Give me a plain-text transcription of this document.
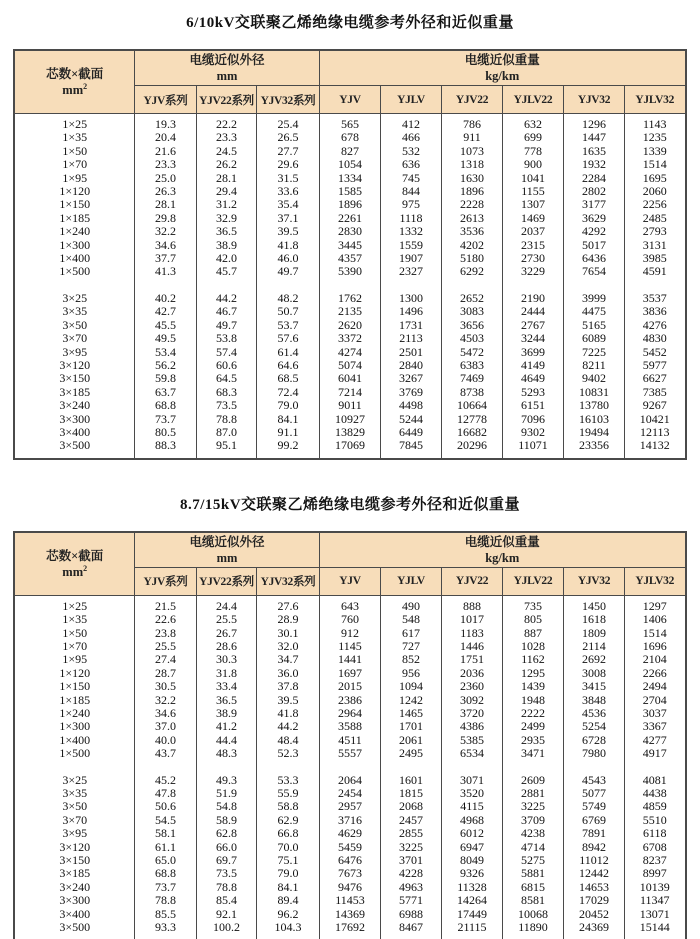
6/10kV交联聚乙烯绝缘电缆参考外径和近似重量
芯数×截面
$mm^2$

电缆近似外径
mm

电缆近似重量
kg/km

	YJV系列	YJV22系列	YJV32系列	YJV	YJLV	YJV22	YJLV22	YJV32	YJLV32
1×25	19.3	22.2	25.4	565	412	786	632	1296	1143
1×35	20.4	23.3	26.5	678	466	911	699	1447	1235
1×50	21.6	24.5	27.7	827	532	1073	778	1635	1339
1×70	23.3	26.2	29.6	1054	636	1318	900	1932	1514
1×95	25.0	28.1	31.5	1334	745	1630	1041	2284	1695
1×120	26.3	29.4	33.6	1585	844	1896	1155	2802	2060
1×150	28.1	31.2	35.4	1896	975	2228	1307	3177	2256
1×185	29.8	32.9	37.1	2261	1118	2613	1469	3629	2485
1×240	32.2	36.5	39.5	2830	1332	3536	2037	4292	2793
1×300	34.6	38.9	41.8	3445	1559	4202	2315	5017	3131
1×400	37.7	42.0	46.0	4357	1907	5180	2730	6436	3985
1×500	41.3	45.7	49.7	5390	2327	6292	3229	7654	4591

3×25	40.2	44.2	48.2	1762	1300	2652	2190	3999	3537
3×35	42.7	46.7	50.7	2135	1496	3083	2444	4475	3836
3×50	45.5	49.7	53.7	2620	1731	3656	2767	5165	4276
3×70	49.5	53.8	57.6	3372	2113	4503	3244	6089	4830
3×95	53.4	57.4	61.4	4274	2501	5472	3699	7225	5452
3×120	56.2	60.6	64.6	5074	2840	6383	4149	8211	5977
3×150	59.8	64.5	68.5	6041	3267	7469	4649	9402	6627
3×185	63.7	68.3	72.4	7214	3769	8738	5293	10831	7385
3×240	68.8	73.5	79.0	9011	4498	10664	6151	13780	9267
3×300	73.7	78.8	84.1	10927	5244	12778	7096	16103	10421
3×400	80.5	87.0	91.1	13829	6449	16682	9302	19494	12113
3×500	88.3	95.1	99.2	17069	7845	20296	11071	23356	14132
8.7/15kV交联聚乙烯绝缘电缆参考外径和近似重量
芯数×截面
$mm^2$

电缆近似外径
mm

电缆近似重量
kg/km

	YJV系列	YJV22系列	YJV32系列	YJV	YJLV	YJV22	YJLV22	YJV32	YJLV32
1×25	21.5	24.4	27.6	643	490	888	735	1450	1297
1×35	22.6	25.5	28.9	760	548	1017	805	1618	1406
1×50	23.8	26.7	30.1	912	617	1183	887	1809	1514
1×70	25.5	28.6	32.0	1145	727	1446	1028	2114	1696
1×95	27.4	30.3	34.7	1441	852	1751	1162	2692	2104
1×120	28.7	31.8	36.0	1697	956	2036	1295	3008	2266
1×150	30.5	33.4	37.8	2015	1094	2360	1439	3415	2494
1×185	32.2	36.5	39.5	2386	1242	3092	1948	3848	2704
1×240	34.6	38.9	41.8	2964	1465	3720	2222	4536	3037
1×300	37.0	41.2	44.2	3588	1701	4386	2499	5254	3367
1×400	40.0	44.4	48.4	4511	2061	5385	2935	6728	4277
1×500	43.7	48.3	52.3	5557	2495	6534	3471	7980	4917

3×25	45.2	49.3	53.3	2064	1601	3071	2609	4543	4081
3×35	47.8	51.9	55.9	2454	1815	3520	2881	5077	4438
3×50	50.6	54.8	58.8	2957	2068	4115	3225	5749	4859
3×70	54.5	58.9	62.9	3716	2457	4968	3709	6769	5510
3×95	58.1	62.8	66.8	4629	2855	6012	4238	7891	6118
3×120	61.1	66.0	70.0	5459	3225	6947	4714	8942	6708
3×150	65.0	69.7	75.1	6476	3701	8049	5275	11012	8237
3×185	68.8	73.5	79.0	7673	4228	9326	5881	12442	8997
3×240	73.7	78.8	84.1	9476	4963	11328	6815	14653	10139
3×300	78.8	85.4	89.4	11453	5771	14264	8581	17029	11347
3×400	85.5	92.1	96.2	14369	6988	17449	10068	20452	13071
3×500	93.3	100.2	104.3	17692	8467	21115	11890	24369	15144
